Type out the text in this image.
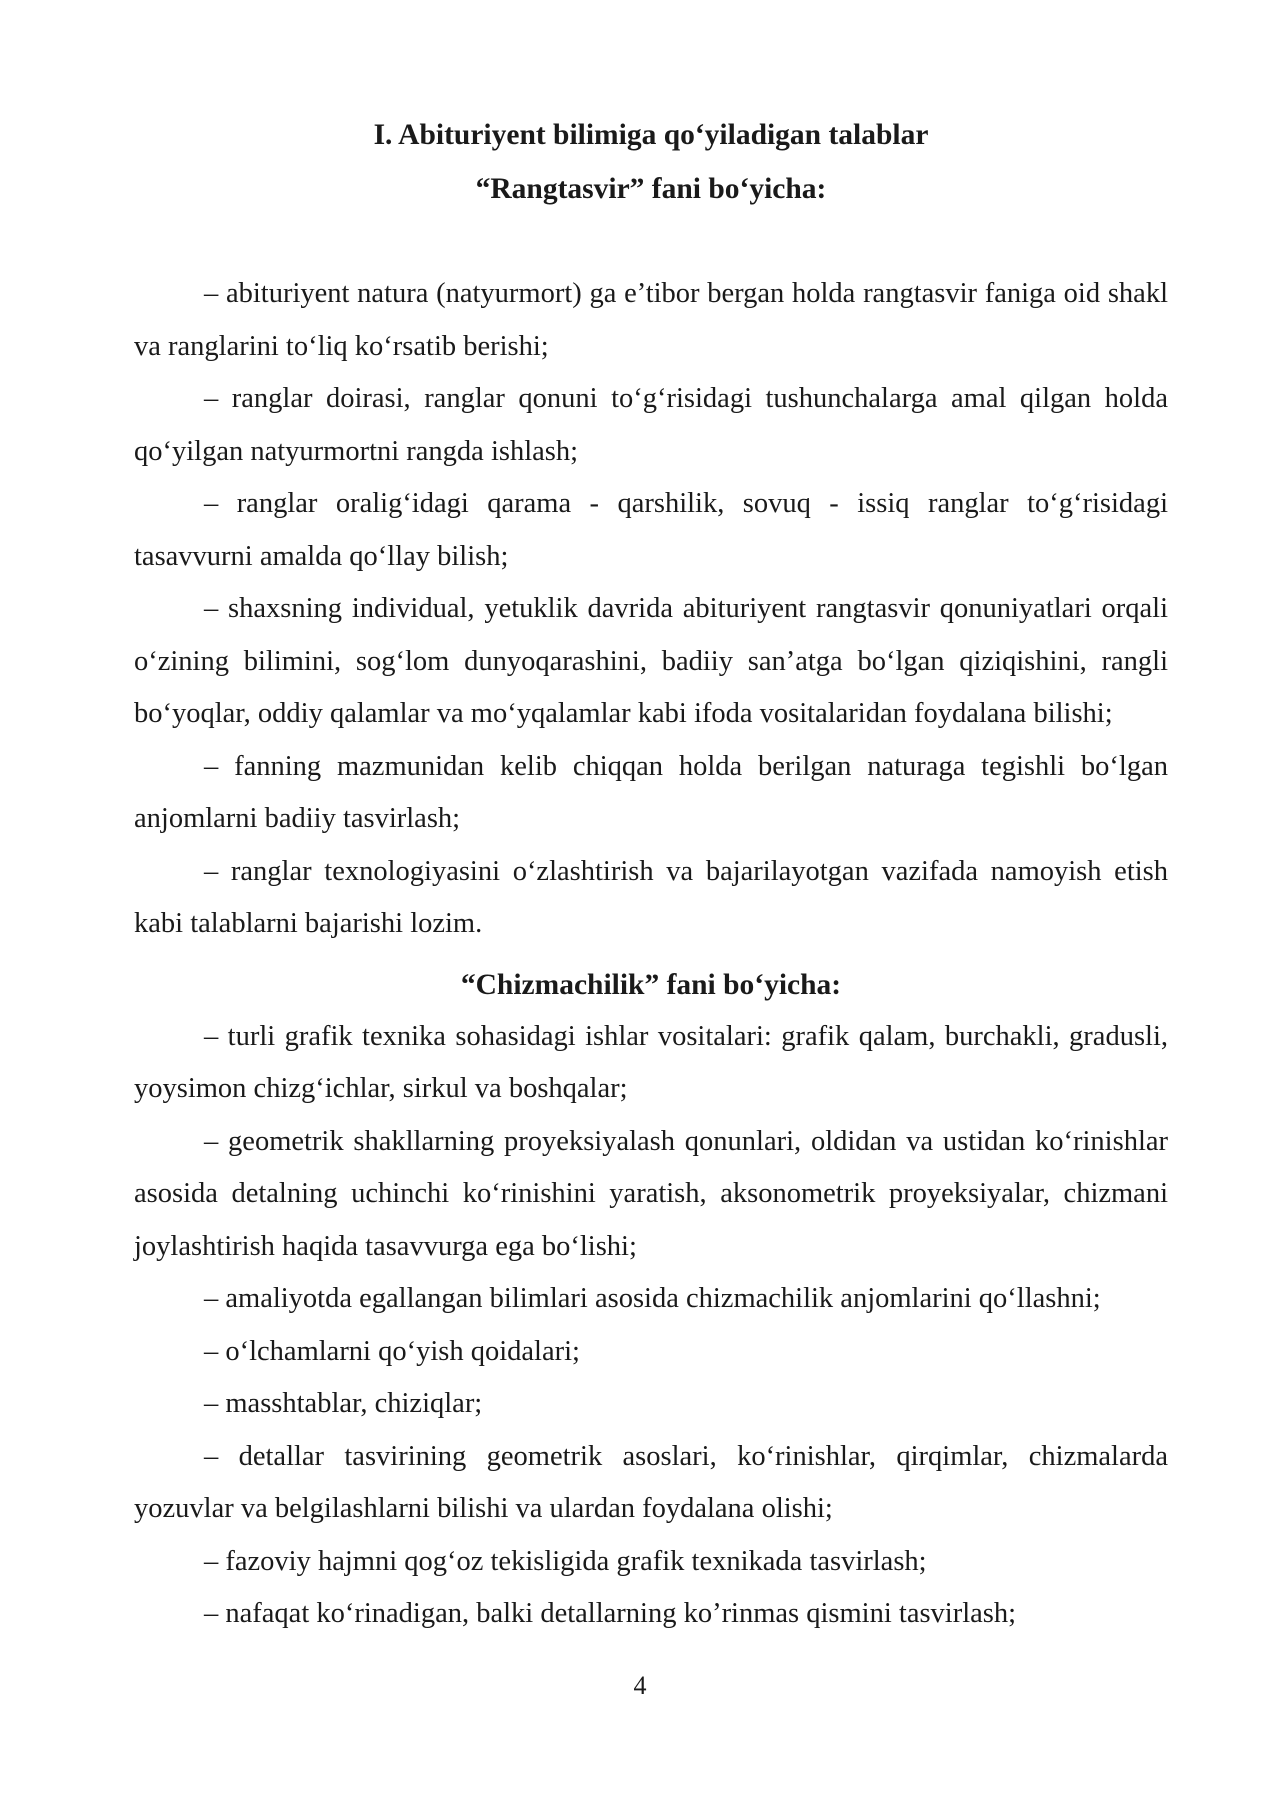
I. Abituriyent bilimiga qo‘yiladigan talablar

“Rangtasvir” fani bo‘yicha:

– abituriyent natura (natyurmort) ga e’tibor bergan holda rangtasvir faniga oid shakl va ranglarini to‘liq ko‘rsatib berishi;

– ranglar doirasi, ranglar qonuni to‘g‘risidagi tushunchalarga amal qilgan holda qo‘yilgan natyurmortni rangda ishlash;

– ranglar oralig‘idagi qarama - qarshilik, sovuq - issiq ranglar to‘g‘risidagi tasavvurni amalda qo‘llay bilish;

– shaxsning individual, yetuklik davrida abituriyent rangtasvir qonuniyatlari orqali o‘zining bilimini, sog‘lom dunyoqarashini, badiiy san’atga bo‘lgan qiziqishini, rangli bo‘yoqlar, oddiy qalamlar va mo‘yqalamlar kabi ifoda vositalaridan foydalana bilishi;

– fanning mazmunidan kelib chiqqan holda berilgan naturaga tegishli bo‘lgan anjomlarni badiiy tasvirlash;

– ranglar texnologiyasini o‘zlashtirish va bajarilayotgan vazifada namoyish etish kabi talablarni bajarishi lozim.

“Chizmachilik” fani bo‘yicha:

– turli grafik texnika sohasidagi ishlar vositalari: grafik qalam, burchakli, gradusli, yoysimon chizg‘ichlar, sirkul va boshqalar;

– geometrik shakllarning proyeksiyalash qonunlari, oldidan va ustidan ko‘rinishlar asosida detalning uchinchi ko‘rinishini yaratish, aksonometrik proyeksiyalar, chizmani joylashtirish haqida tasavvurga ega bo‘lishi;

– amaliyotda egallangan bilimlari asosida chizmachilik anjomlarini qo‘llashni;

– o‘lchamlarni qo‘yish qoidalari;

– masshtablar, chiziqlar;

– detallar tasvirining geometrik asoslari, ko‘rinishlar, qirqimlar, chizmalarda yozuvlar va belgilashlarni bilishi va ulardan foydalana olishi;

– fazoviy hajmni qog‘oz tekisligida grafik texnikada tasvirlash;

– nafaqat ko‘rinadigan, balki detallarning ko’rinmas qismini tasvirlash;

4
